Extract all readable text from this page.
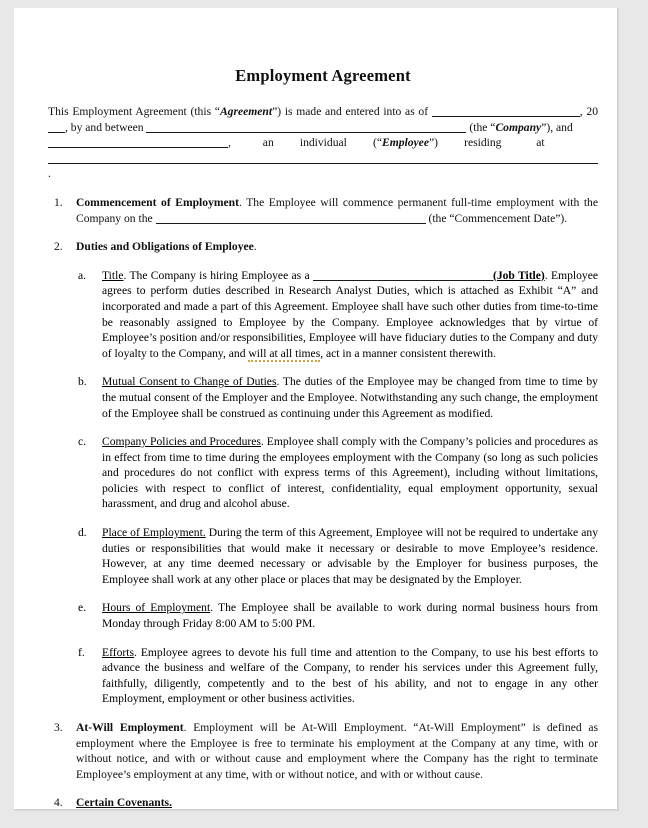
Employment Agreement

This Employment Agreement (this “Agreement”) is made and entered into as of	, 20, by and between	(the “Company”), and
,	an individual (“Employee”) residing	at
.

1.	Commencement of Employment. The Employee will commence permanent full-time employment with the Company on the	(the “Commencement Date”).
2.	Duties and Obligations of Employee.
a.	Title. The Company is hiring Employee as a	(Job Title). Employee agrees to perform duties described in Research Analyst Duties, which is attached as Exhibit “A” and incorporated and made a part of this Agreement. Employee shall have such other duties from time-to-time be reasonably assigned to Employee by the Company. Employee acknowledges that by virtue of Employee’s position and/or responsibilities, Employee will have fiduciary duties to the Company and duty of loyalty to the Company, and will at all times, act in a manner consistent therewith.
b.	Mutual Consent to Change of Duties. The duties of the Employee may be changed from time to time by the mutual consent of the Employer and the Employee. Notwithstanding any such change, the employment of the Employee shall be construed as continuing under this Agreement as modified.
c.	Company Policies and Procedures. Employee shall comply with the Company’s policies and procedures as in effect from time to time during the employees employment with the Company (so long as such policies and procedures do not conflict with express terms of this Agreement), including without limitations, policies with respect to conflict of interest, confidentiality, equal employment opportunity, sexual harassment, and drug and alcohol abuse.
d.	Place of Employment. During the term of this Agreement, Employee will not be required to undertake any duties or responsibilities that would make it necessary or desirable to move Employee’s residence. However, at any time deemed necessary or advisable by the Employer for business purposes, the Employee shall work at any other place or places that may be designated by the Employer.
e.	Hours of Employment. The Employee shall be available to work during normal business hours from Monday through Friday 8:00 AM to 5:00 PM.
f.	Efforts. Employee agrees to devote his full time and attention to the Company, to use his best efforts to advance the business and welfare of the Company, to render his services under this Agreement fully, faithfully, diligently, competently and to the best of his ability, and not to engage in any other Employment, employment or other business activities.
3.	At-Will Employment. Employment will be At-Will Employment. “At-Will Employment” is defined as employment where the Employee is free to terminate his employment at the Company at any time, with or without notice, and with or without cause and employment where the Company has the right to terminate Employee’s employment at any time, with or without notice, and with or without cause.
4.	Certain Covenants.
